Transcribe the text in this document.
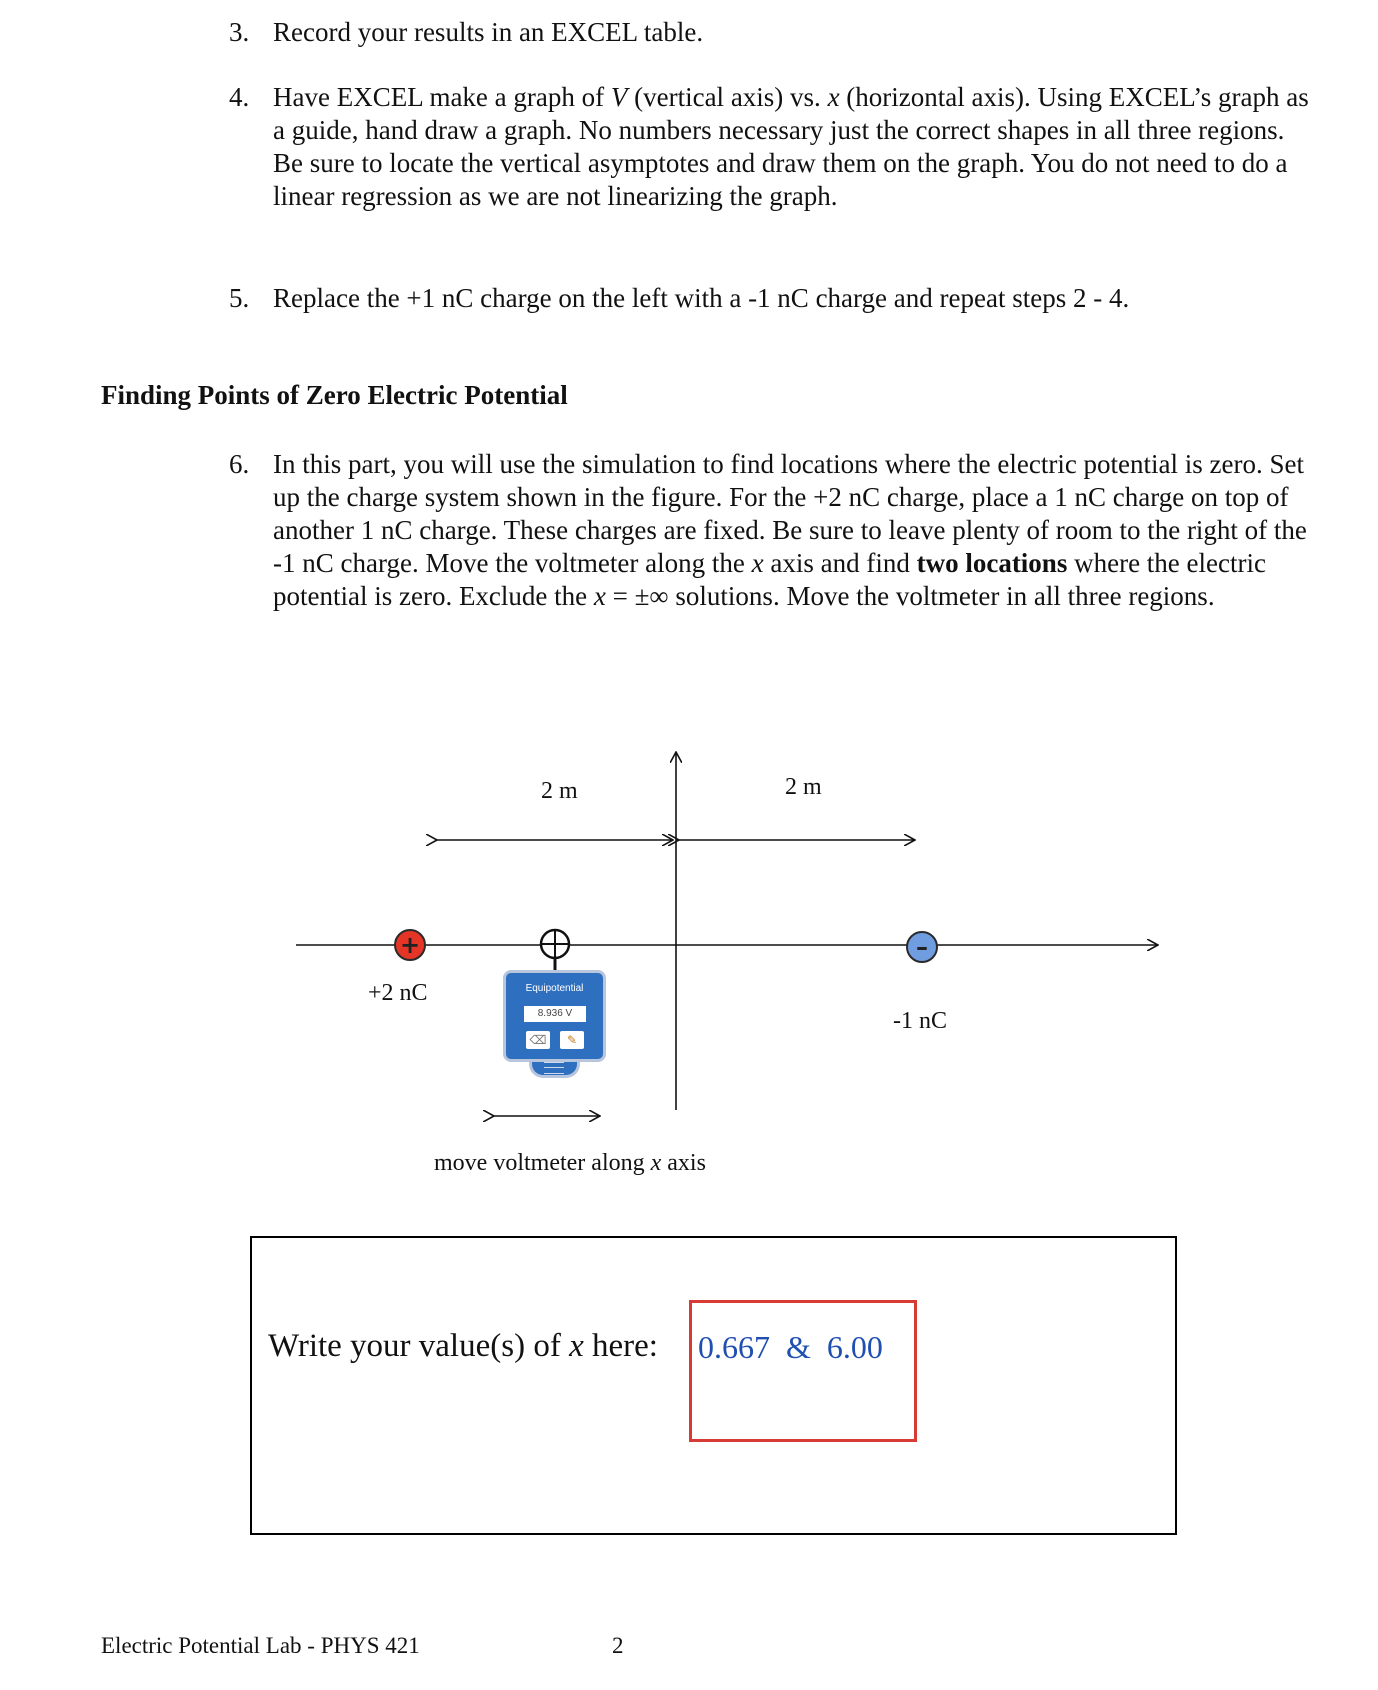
3. Record your results in an EXCEL table.
4. Have EXCEL make a graph of V (vertical axis) vs. x (horizontal axis). Using EXCEL’s graph as a guide, hand draw a graph. No numbers necessary just the correct shapes in all three regions. Be sure to locate the vertical asymptotes and draw them on the graph. You do not need to do a linear regression as we are not linearizing the graph.
5. Replace the +1 nC charge on the left with a -1 nC charge and repeat steps 2 - 4.
Finding Points of Zero Electric Potential
6. In this part, you will use the simulation to find locations where the electric potential is zero. Set up the charge system shown in the figure. For the +2 nC charge, place a 1 nC charge on top of another 1 nC charge. These charges are fixed. Be sure to leave plenty of room to the right of the -1 nC charge. Move the voltmeter along the x axis and find two locations where the electric potential is zero. Exclude the x = ±∞ solutions. Move the voltmeter in all three regions.
2 m	2 m
+	–
+2 nC
-1 nC
Equipotential
8.936 V
⌫	✎
move voltmeter along x axis
Write your value(s) of x here: 0.667  &  6.00
Electric Potential Lab - PHYS 421	2
